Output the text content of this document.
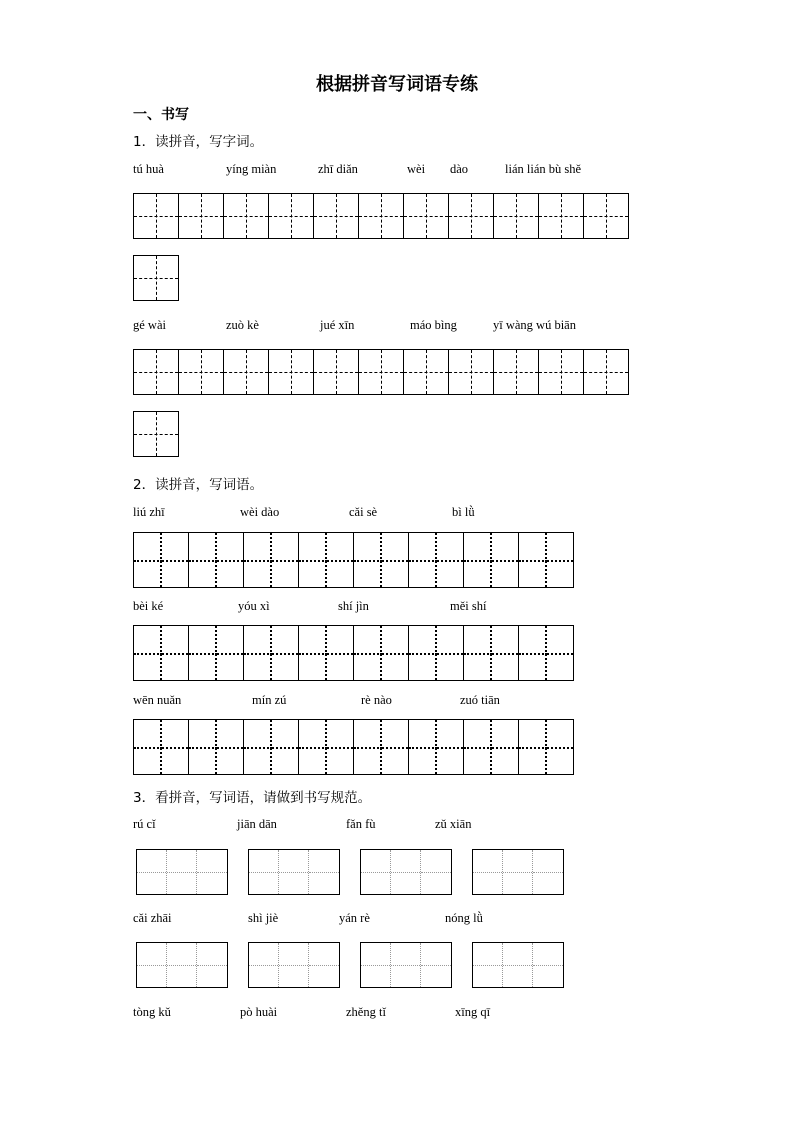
根据拼音写词语专练
一、书写
1．读拼音，写字词。
tú huà	yíng miàn	zhī diǎn	wèi dào	lián lián bù shě
gé wài	zuò kè	jué xīn	máo bìng	yī wàng wú biān
2．读拼音，写词语。
liú zhī	wèi dào	cǎi sè	bì lǜ
bèi ké	yóu xì	shí jìn	měi shí
wēn nuǎn	mín zú	rè nào	zuó tiān
3．看拼音，写词语，请做到书写规范。
rú cǐ	jiān dān	fǎn fù	zǔ xiān
cǎi zhāi	shì jiè	yán rè	nóng lǜ
tòng kǔ	pò huài	zhěng tǐ	xīng qī
